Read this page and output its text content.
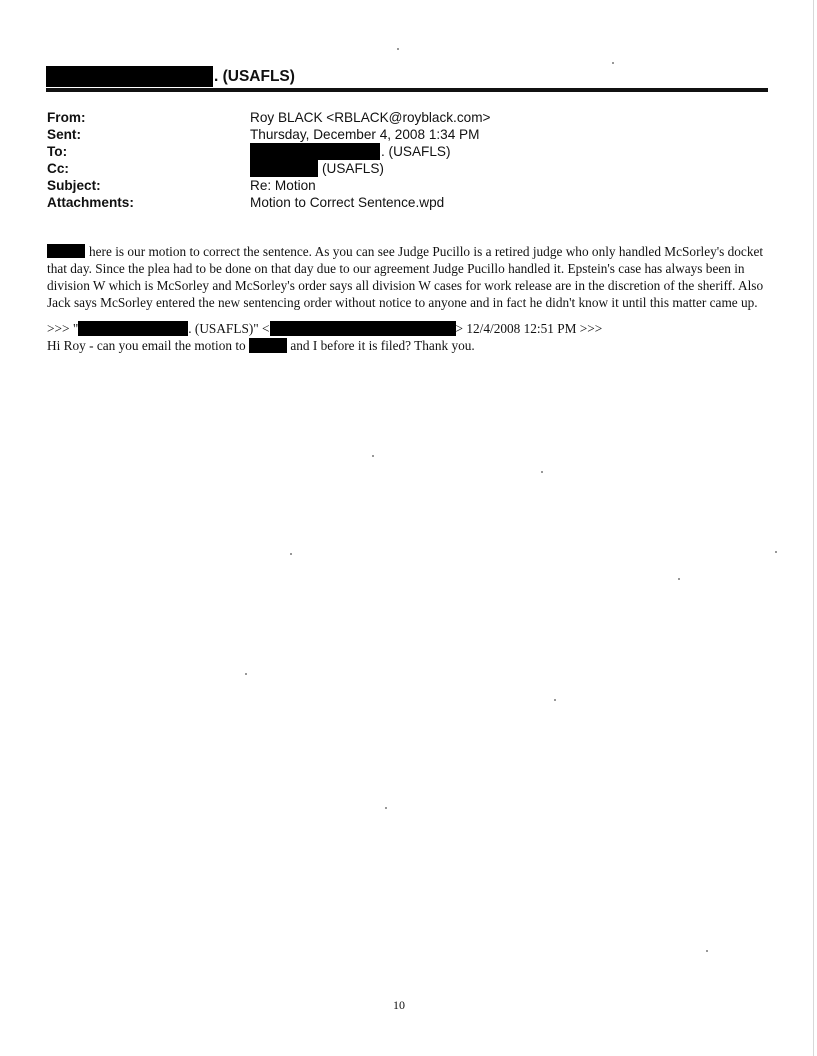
. (USAFLS)
From:	Roy BLACK <RBLACK@royblack.com>
Sent:	Thursday, December 4, 2008 1:34 PM
To:	. (USAFLS)
Cc:	(USAFLS)
Subject:	Re: Motion
Attachments:	Motion to Correct Sentence.wpd
here is our motion to correct the sentence. As you can see Judge Pucillo is a retired judge who only handled McSorley's docket that day. Since the plea had to be done on that day due to our agreement Judge Pucillo handled it. Epstein's case has always been in division W which is McSorley and McSorley's order says all division W cases for work release are in the discretion of the sheriff. Also Jack says McSorley entered the new sentencing order without notice to anyone and in fact he didn't know it until this matter came up.
>>> "	. (USAFLS)" <	> 12/4/2008 12:51 PM >>>
Hi Roy - can you email the motion to	and I before it is filed? Thank you.
10
